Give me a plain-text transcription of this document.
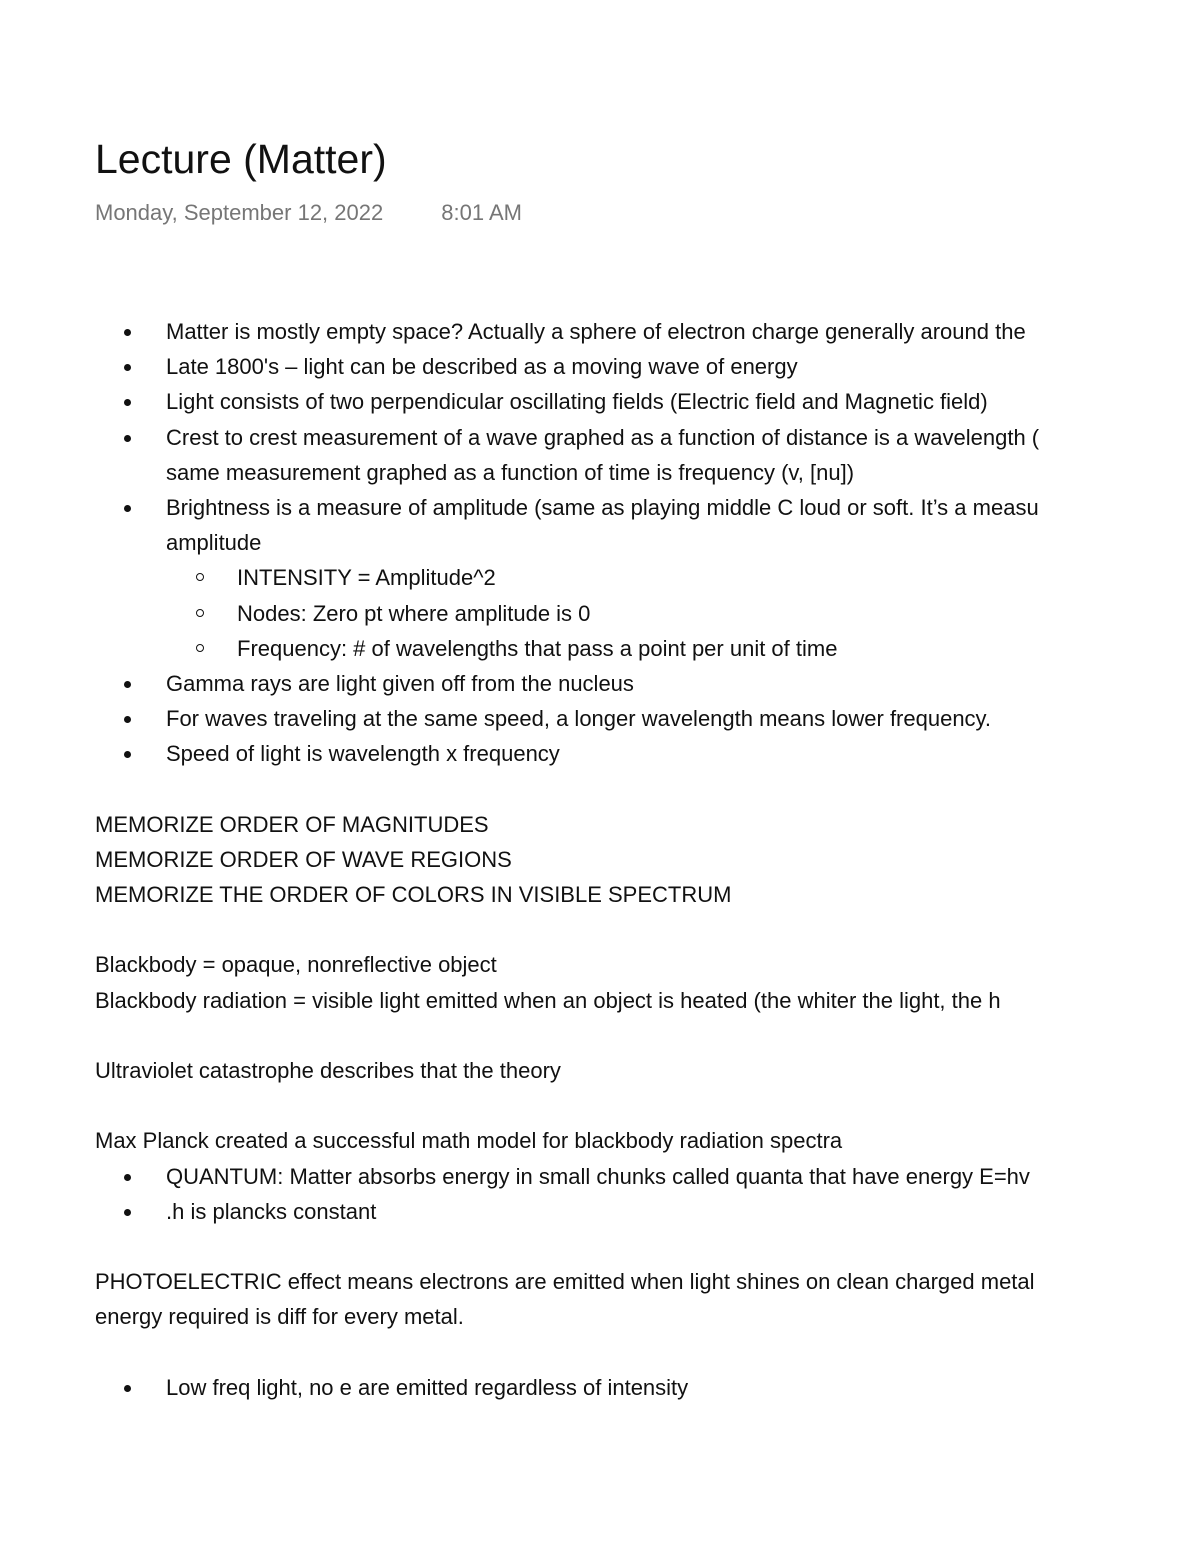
Lecture (Matter)
Monday, September 12, 2022	8:01 AM
Matter is mostly empty space? Actually a sphere of electron charge generally around the
Late 1800's – light can be described as a moving wave of energy
Light consists of two perpendicular oscillating fields (Electric field and Magnetic field)
Crest to crest measurement of a wave graphed as a function of distance is a wavelength (
same measurement graphed as a function of time is frequency (v, [nu])
Brightness is a measure of amplitude (same as playing middle C loud or soft. It’s a measu
amplitude
INTENSITY = Amplitude^2
Nodes: Zero pt where amplitude is 0
Frequency: # of wavelengths that pass a point per unit of time
Gamma rays are light given off from the nucleus
For waves traveling at the same speed, a longer wavelength means lower frequency.
Speed of light is wavelength x frequency
MEMORIZE ORDER OF MAGNITUDES
MEMORIZE ORDER OF WAVE REGIONS
MEMORIZE THE ORDER OF COLORS IN VISIBLE SPECTRUM
Blackbody = opaque, nonreflective object
Blackbody radiation = visible light emitted when an object is heated (the whiter the light, the h
Ultraviolet catastrophe describes that the theory
Max Planck created a successful math model for blackbody radiation spectra
QUANTUM: Matter absorbs energy in small chunks called quanta that have energy E=hv
.h is plancks constant
PHOTOELECTRIC effect means electrons are emitted when light shines on clean charged metal
energy required is diff for every metal.
Low freq light, no e are emitted regardless of intensity
